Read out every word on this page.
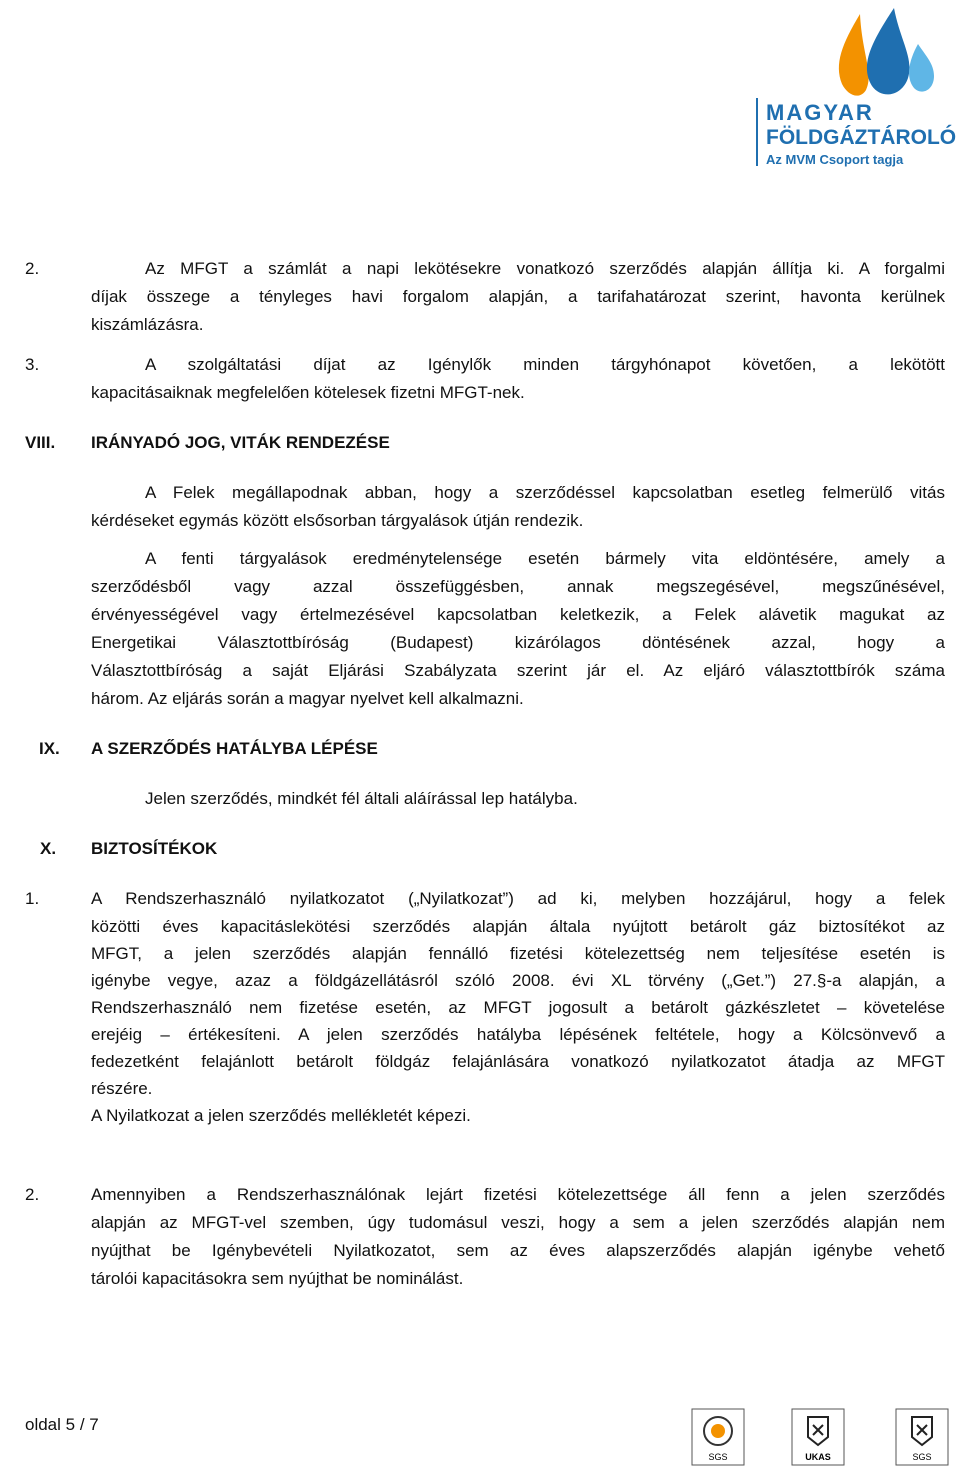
MAGYAR
FÖLDGÁZTÁROLÓ
Az MVM Csoport tagja
2.	Az MFGT a számlát a napi lekötésekre vonatkozó szerződés alapján állítja ki. A forgalmi
díjak összege a tényleges havi forgalom alapján, a tarifahatározat szerint, havonta kerülnek
kiszámlázásra.
3.	A szolgáltatási díjat az Igénylők minden tárgyhónapot követően, a lekötött
kapacitásaiknak megfelelően kötelesek fizetni MFGT-nek.
VIII. IRÁNYADÓ JOG, VITÁK RENDEZÉSE
A Felek megállapodnak abban, hogy a szerződéssel kapcsolatban esetleg felmerülő vitás
kérdéseket egymás között elsősorban tárgyalások útján rendezik.
A fenti tárgyalások eredménytelensége esetén bármely vita eldöntésére, amely a
szerződésből vagy azzal összefüggésben, annak megszegésével, megszűnésével,
érvényességével vagy értelmezésével kapcsolatban keletkezik, a Felek alávetik magukat az
Energetikai Választottbíróság (Budapest) kizárólagos döntésének azzal, hogy a
Választottbíróság a saját Eljárási Szabályzata szerint jár el. Az eljáró választottbírók száma
három. Az eljárás során a magyar nyelvet kell alkalmazni.
IX. A SZERZŐDÉS HATÁLYBA LÉPÉSE
Jelen szerződés, mindkét fél általi aláírással lep hatályba.
X. BIZTOSÍTÉKOK
1.	A Rendszerhasználó nyilatkozatot („Nyilatkozat”) ad ki, melyben hozzájárul, hogy a felek
közötti éves kapacitáslekötési szerződés alapján általa nyújtott betárolt gáz biztosítékot az
MFGT, a jelen szerződés alapján fennálló fizetési kötelezettség nem teljesítése esetén is
igénybe vegye, azaz a földgázellátásról szóló 2008. évi XL törvény („Get.”) 27.§-a alapján, a
Rendszerhasználó nem fizetése esetén, az MFGT jogosult a betárolt gázkészletet – követelése
erejéig – értékesíteni. A jelen szerződés hatályba lépésének feltétele, hogy a Kölcsönvevő a
fedezetként felajánlott betárolt földgáz felajánlására vonatkozó nyilatkozatot átadja az MFGT
részére.
A Nyilatkozat a jelen szerződés mellékletét képezi.
2.	Amennyiben a Rendszerhasználónak lejárt fizetési kötelezettsége áll fenn a jelen szerződés
alapján az MFGT-vel szemben, úgy tudomásul veszi, hogy a sem a jelen szerződés alapján nem
nyújthat be Igénybevételi Nyilatkozatot, sem az éves alapszerződés alapján igénybe vehető
tárolói kapacitásokra sem nyújthat be nominálást.
oldal 5 / 7
SGS	UKAS	SGS
